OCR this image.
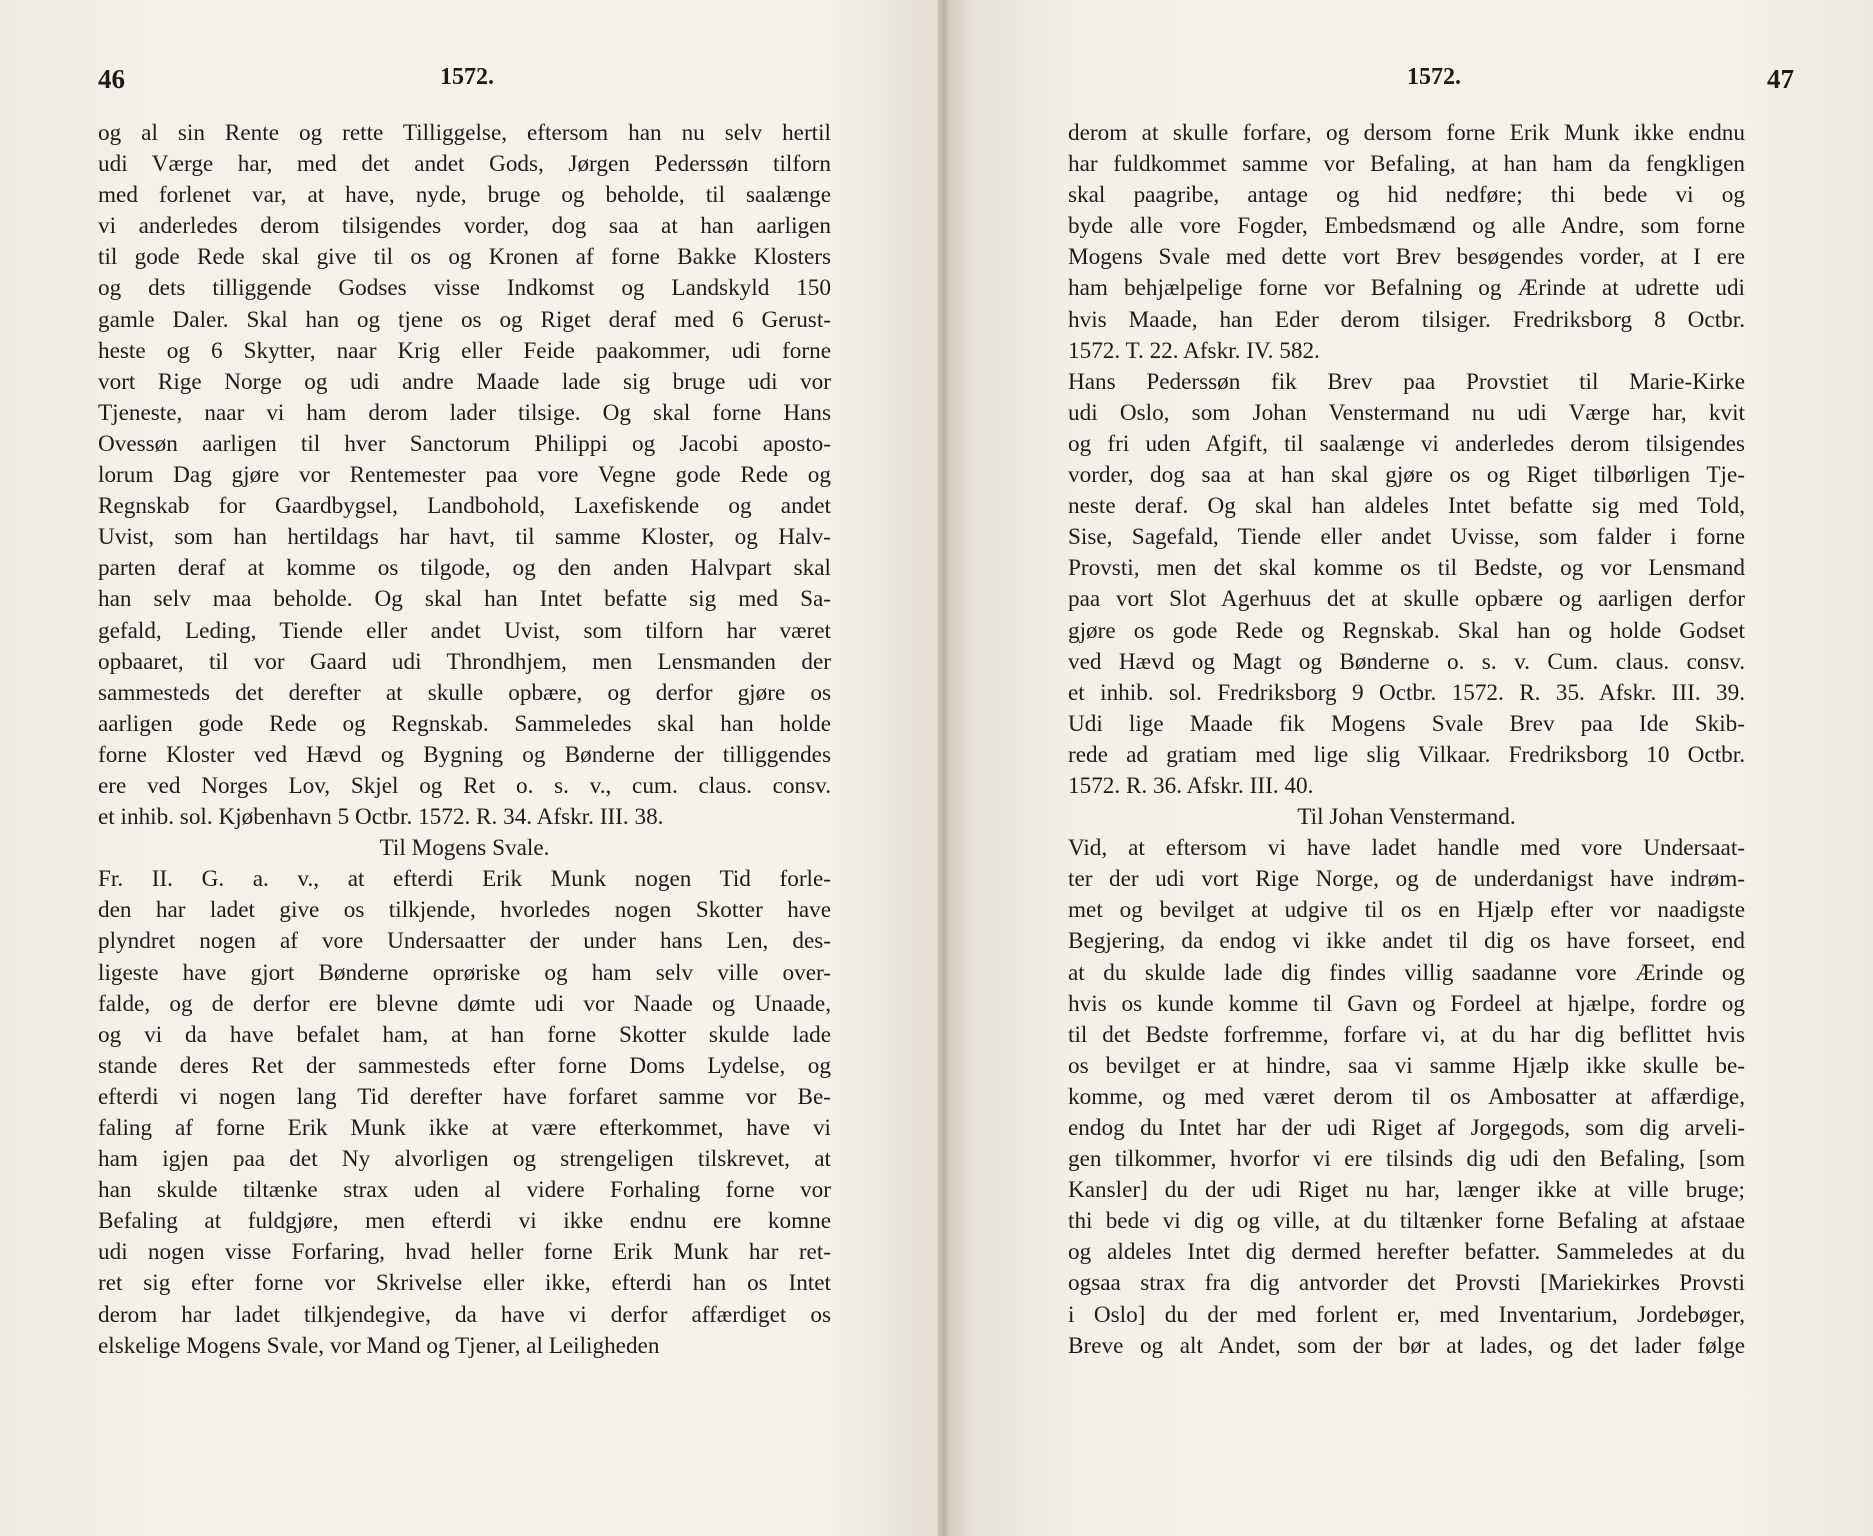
46	1572.
og al sin Rente og rette Tilliggelse, eftersom han nu selv hertil
udi Værge har, med det andet Gods, Jørgen Pederssøn tilforn
med forlenet var, at have, nyde, bruge og beholde, til saalænge
vi anderledes derom tilsigendes vorder, dog saa at han aarligen
til gode Rede skal give til os og Kronen af forne Bakke Klosters
og dets tilliggende Godses visse Indkomst og Landskyld 150
gamle Daler. Skal han og tjene os og Riget deraf med 6 Gerust-
heste og 6 Skytter, naar Krig eller Feide paakommer, udi forne
vort Rige Norge og udi andre Maade lade sig bruge udi vor
Tjeneste, naar vi ham derom lader tilsige. Og skal forne Hans
Ovessøn aarligen til hver Sanctorum Philippi og Jacobi aposto-
lorum Dag gjøre vor Rentemester paa vore Vegne gode Rede og
Regnskab for Gaardbygsel, Landbohold, Laxefiskende og andet
Uvist, som han hertildags har havt, til samme Kloster, og Halv-
parten deraf at komme os tilgode, og den anden Halvpart skal
han selv maa beholde. Og skal han Intet befatte sig med Sa-
gefald, Leding, Tiende eller andet Uvist, som tilforn har været
opbaaret, til vor Gaard udi Throndhjem, men Lensmanden der
sammesteds det derefter at skulle opbære, og derfor gjøre os
aarligen gode Rede og Regnskab. Sammeledes skal han holde
forne Kloster ved Hævd og Bygning og Bønderne der tilliggendes
ere ved Norges Lov, Skjel og Ret o. s. v., cum. claus. consv.
et inhib. sol. Kjøbenhavn 5 Octbr. 1572. R. 34. Afskr. III. 38.
Til Mogens Svale.
Fr. II. G. a. v., at efterdi Erik Munk nogen Tid forle-
den har ladet give os tilkjende, hvorledes nogen Skotter have
plyndret nogen af vore Undersaatter der under hans Len, des-
ligeste have gjort Bønderne oprøriske og ham selv ville over-
falde, og de derfor ere blevne dømte udi vor Naade og Unaade,
og vi da have befalet ham, at han forne Skotter skulde lade
stande deres Ret der sammesteds efter forne Doms Lydelse, og
efterdi vi nogen lang Tid derefter have forfaret samme vor Be-
faling af forne Erik Munk ikke at være efterkommet, have vi
ham igjen paa det Ny alvorligen og strengeligen tilskrevet, at
han skulde tiltænke strax uden al videre Forhaling forne vor
Befaling at fuldgjøre, men efterdi vi ikke endnu ere komne
udi nogen visse Forfaring, hvad heller forne Erik Munk har ret-
ret sig efter forne vor Skrivelse eller ikke, efterdi han os Intet
derom har ladet tilkjendegive, da have vi derfor affærdiget os
elskelige Mogens Svale, vor Mand og Tjener, al Leiligheden
1572.	47
derom at skulle forfare, og dersom forne Erik Munk ikke endnu
har fuldkommet samme vor Befaling, at han ham da fengkligen
skal paagribe, antage og hid nedføre; thi bede vi og
byde alle vore Fogder, Embedsmænd og alle Andre, som forne
Mogens Svale med dette vort Brev besøgendes vorder, at I ere
ham behjælpelige forne vor Befalning og Ærinde at udrette udi
hvis Maade, han Eder derom tilsiger. Fredriksborg 8 Octbr.
1572. T. 22. Afskr. IV. 582.
Hans Pederssøn fik Brev paa Provstiet til Marie-Kirke
udi Oslo, som Johan Venstermand nu udi Værge har, kvit
og fri uden Afgift, til saalænge vi anderledes derom tilsigendes
vorder, dog saa at han skal gjøre os og Riget tilbørligen Tje-
neste deraf. Og skal han aldeles Intet befatte sig med Told,
Sise, Sagefald, Tiende eller andet Uvisse, som falder i forne
Provsti, men det skal komme os til Bedste, og vor Lensmand
paa vort Slot Agerhuus det at skulle opbære og aarligen derfor
gjøre os gode Rede og Regnskab. Skal han og holde Godset
ved Hævd og Magt og Bønderne o. s. v. Cum. claus. consv.
et inhib. sol. Fredriksborg 9 Octbr. 1572. R. 35. Afskr. III. 39.
Udi lige Maade fik Mogens Svale Brev paa Ide Skib-
rede ad gratiam med lige slig Vilkaar. Fredriksborg 10 Octbr.
1572. R. 36. Afskr. III. 40.
Til Johan Venstermand.
Vid, at eftersom vi have ladet handle med vore Undersaat-
ter der udi vort Rige Norge, og de underdanigst have indrøm-
met og bevilget at udgive til os en Hjælp efter vor naadigste
Begjering, da endog vi ikke andet til dig os have forseet, end
at du skulde lade dig findes villig saadanne vore Ærinde og
hvis os kunde komme til Gavn og Fordeel at hjælpe, fordre og
til det Bedste forfremme, forfare vi, at du har dig beflittet hvis
os bevilget er at hindre, saa vi samme Hjælp ikke skulle be-
komme, og med været derom til os Ambosatter at affærdige,
endog du Intet har der udi Riget af Jorgegods, som dig arveli-
gen tilkommer, hvorfor vi ere tilsinds dig udi den Befaling, [som
Kansler] du der udi Riget nu har, længer ikke at ville bruge;
thi bede vi dig og ville, at du tiltænker forne Befaling at afstaae
og aldeles Intet dig dermed herefter befatter. Sammeledes at du
ogsaa strax fra dig antvorder det Provsti [Mariekirkes Provsti
i Oslo] du der med forlent er, med Inventarium, Jordebøger,
Breve og alt Andet, som der bør at lades, og det lader følge
